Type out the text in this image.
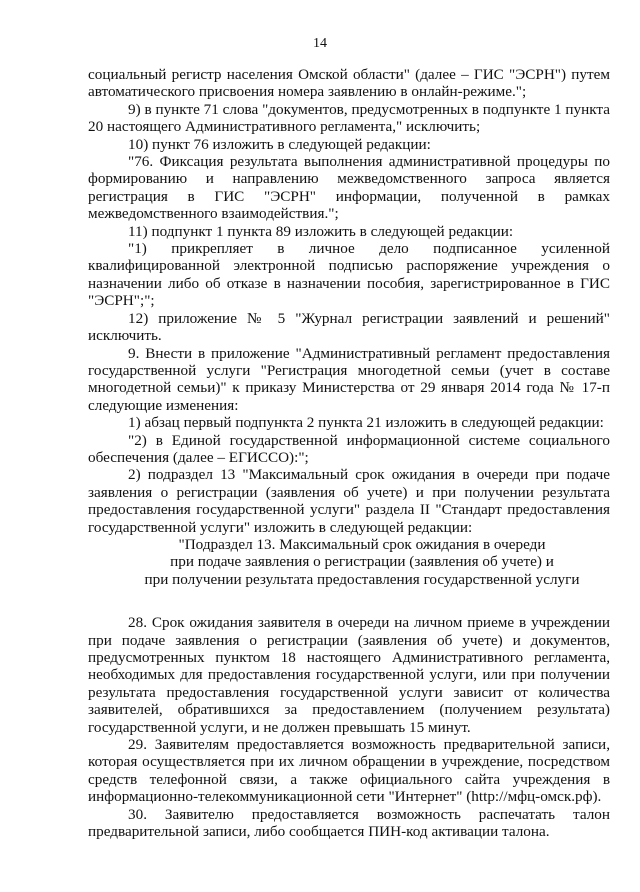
14

социальный регистр населения Омской области" (далее – ГИС "ЭСРН") путем автоматического присвоения номера заявлению в онлайн-режиме.";

9) в пункте 71 слова "документов, предусмотренных в подпункте 1 пункта 20 настоящего Административного регламента," исключить;

10) пункт 76 изложить в следующей редакции:

"76. Фиксация результата выполнения административной процедуры по формированию и направлению межведомственного запроса является регистрация в ГИС "ЭСРН" информации, полученной в рамках межведомственного взаимодействия.";

11) подпункт 1 пункта 89 изложить в следующей редакции:

"1) прикрепляет в личное дело подписанное усиленной квалифицированной электронной подписью распоряжение учреждения о назначении либо об отказе в назначении пособия, зарегистрированное в ГИС "ЭСРН";";

12) приложение № 5 "Журнал регистрации заявлений и решений" исключить.

9. Внести в приложение "Административный регламент предоставления государственной услуги "Регистрация многодетной семьи (учет в составе многодетной семьи)" к приказу Министерства от 29 января 2014 года № 17-п следующие изменения:

1) абзац первый подпункта 2 пункта 21 изложить в следующей редакции:

"2) в Единой государственной информационной системе социального обеспечения (далее – ЕГИССО):";

2) подраздел 13 "Максимальный срок ожидания в очереди при подаче заявления о регистрации (заявления об учете) и при получении результата предоставления государственной услуги" раздела II "Стандарт предоставления государственной услуги" изложить в следующей редакции:

"Подраздел 13. Максимальный срок ожидания в очереди
при подаче заявления о регистрации (заявления об учете) и
при получении результата предоставления государственной услуги

28. Срок ожидания заявителя в очереди на личном приеме в учреждении при подаче заявления о регистрации (заявления об учете) и документов, предусмотренных пунктом 18 настоящего Административного регламента, необходимых для предоставления государственной услуги, или при получении результата предоставления государственной услуги зависит от количества заявителей, обратившихся за предоставлением (получением результата) государственной услуги, и не должен превышать 15 минут.

29. Заявителям предоставляется возможность предварительной записи, которая осуществляется при их личном обращении в учреждение, посредством средств телефонной связи, а также официального сайта учреждения в информационно-телекоммуникационной сети "Интернет" (http://мфц-омск.рф).

30. Заявителю предоставляется возможность распечатать талон предварительной записи, либо сообщается ПИН-код активации талона.
